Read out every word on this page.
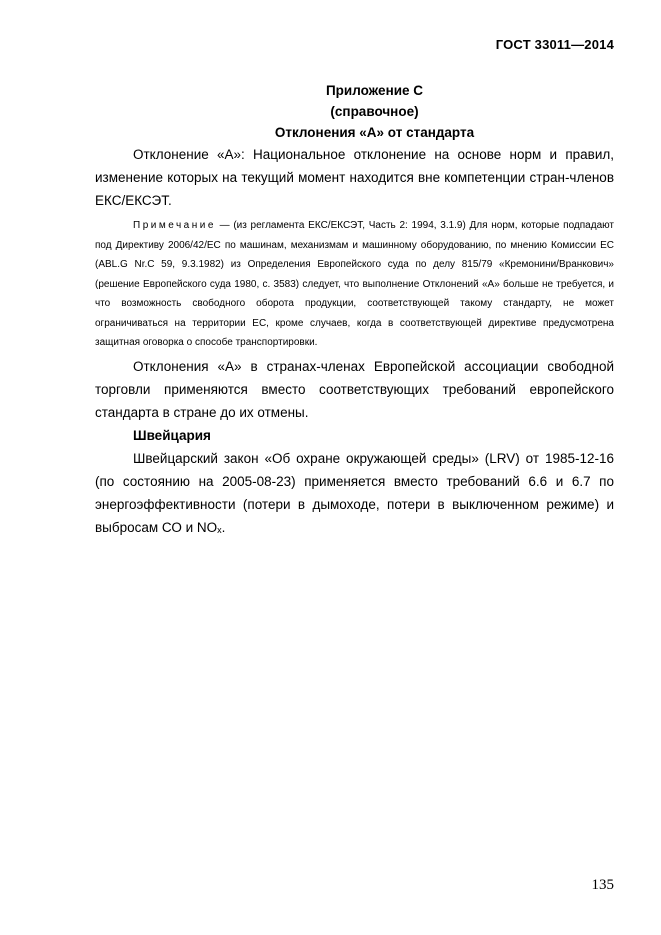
ГОСТ 33011—2014

Приложение С

(справочное)

Отклонения «А» от стандарта

Отклонение «А»: Национальное отклонение на основе норм и правил, изменение которых на текущий момент находится вне компетенции стран-членов ЕКС/ЕКСЭТ.

Примечание — (из регламента ЕКС/ЕКСЭТ, Часть 2: 1994, 3.1.9) Для норм, которые подпадают под Директиву 2006/42/ЕС по машинам, механизмам и машинному оборудованию, по мнению Комиссии ЕС (ABL.G Nr.C 59, 9.3.1982) из Определения Европейского суда по делу 815/79 «Кремонини/Вранкович» (решение Европейского суда 1980, с. 3583) следует, что выполнение Отклонений «А» больше не требуется, и что возможность свободного оборота продукции, соответствующей такому стандарту, не может ограничиваться на территории ЕС, кроме случаев, когда в соответствующей директиве предусмотрена защитная оговорка о способе транспортировки.

Отклонения «А» в странах-членах Европейской ассоциации свободной торговли применяются вместо соответствующих требований европейского стандарта в стране до их отмены.

Швейцария

Швейцарский закон «Об охране окружающей среды» (LRV) от 1985-12-16 (по состоянию на 2005-08-23) применяется вместо требований 6.6 и 6.7 по энергоэффективности (потери в дымоходе, потери в выключенном режиме) и выбросам СО и NOx.

135
